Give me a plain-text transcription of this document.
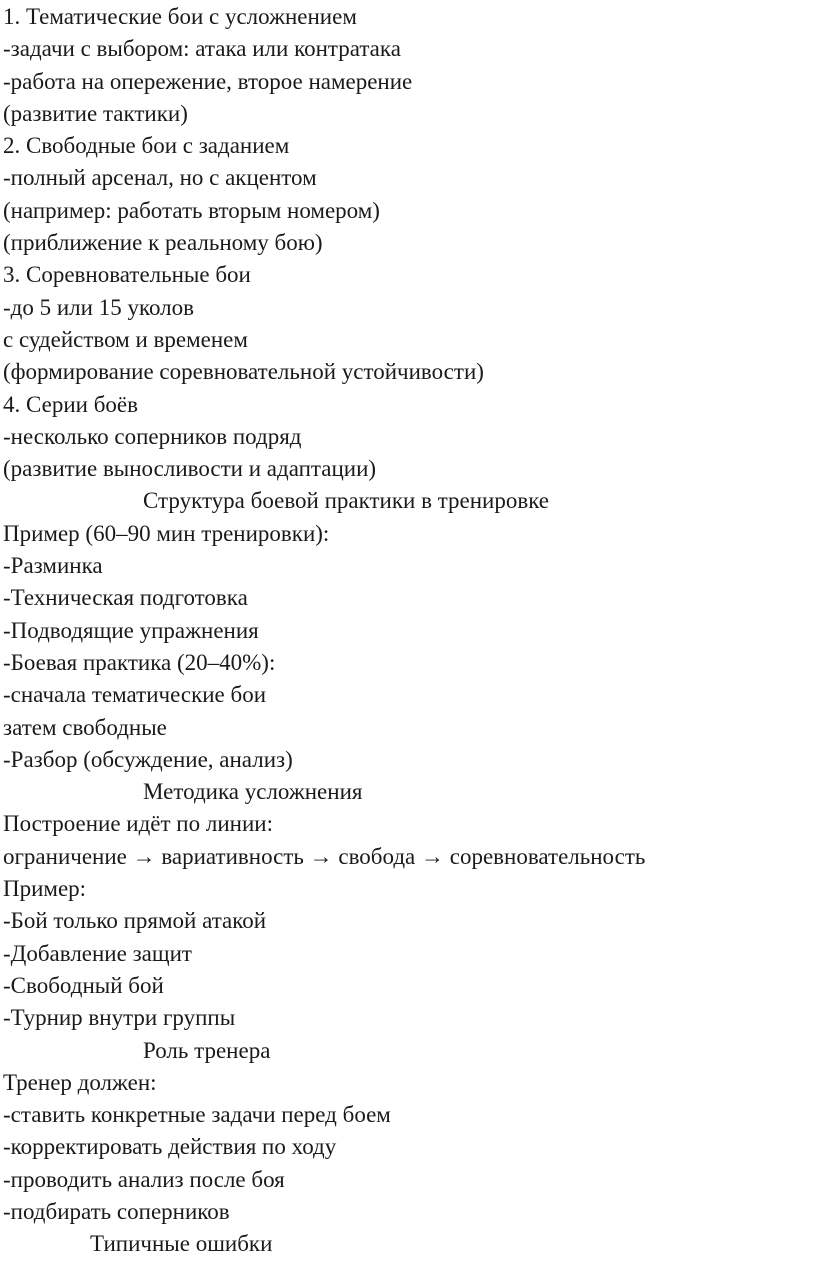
1. Тематические бои с усложнением
-задачи с выбором: атака или контратака
-работа на опережение, второе намерение
(развитие тактики)
2. Свободные бои с заданием
-полный арсенал, но с акцентом
(например: работать вторым номером)
(приближение к реальному бою)
3. Соревновательные бои
-до 5 или 15 уколов
с судейством и временем
(формирование соревновательной устойчивости)
4. Серии боёв
-несколько соперников подряд
(развитие выносливости и адаптации)
Структура боевой практики в тренировке
Пример (60–90 мин тренировки):
-Разминка
-Техническая подготовка
-Подводящие упражнения
-Боевая практика (20–40%):
-сначала тематические бои
затем свободные
-Разбор (обсуждение, анализ)
Методика усложнения
Построение идёт по линии:
ограничение → вариативность → свобода → соревновательность
Пример:
-Бой только прямой атакой
-Добавление защит
-Свободный бой
-Турнир внутри группы
Роль тренера
Тренер должен:
-ставить конкретные задачи перед боем
-корректировать действия по ходу
-проводить анализ после боя
-подбирать соперников
Типичные ошибки
